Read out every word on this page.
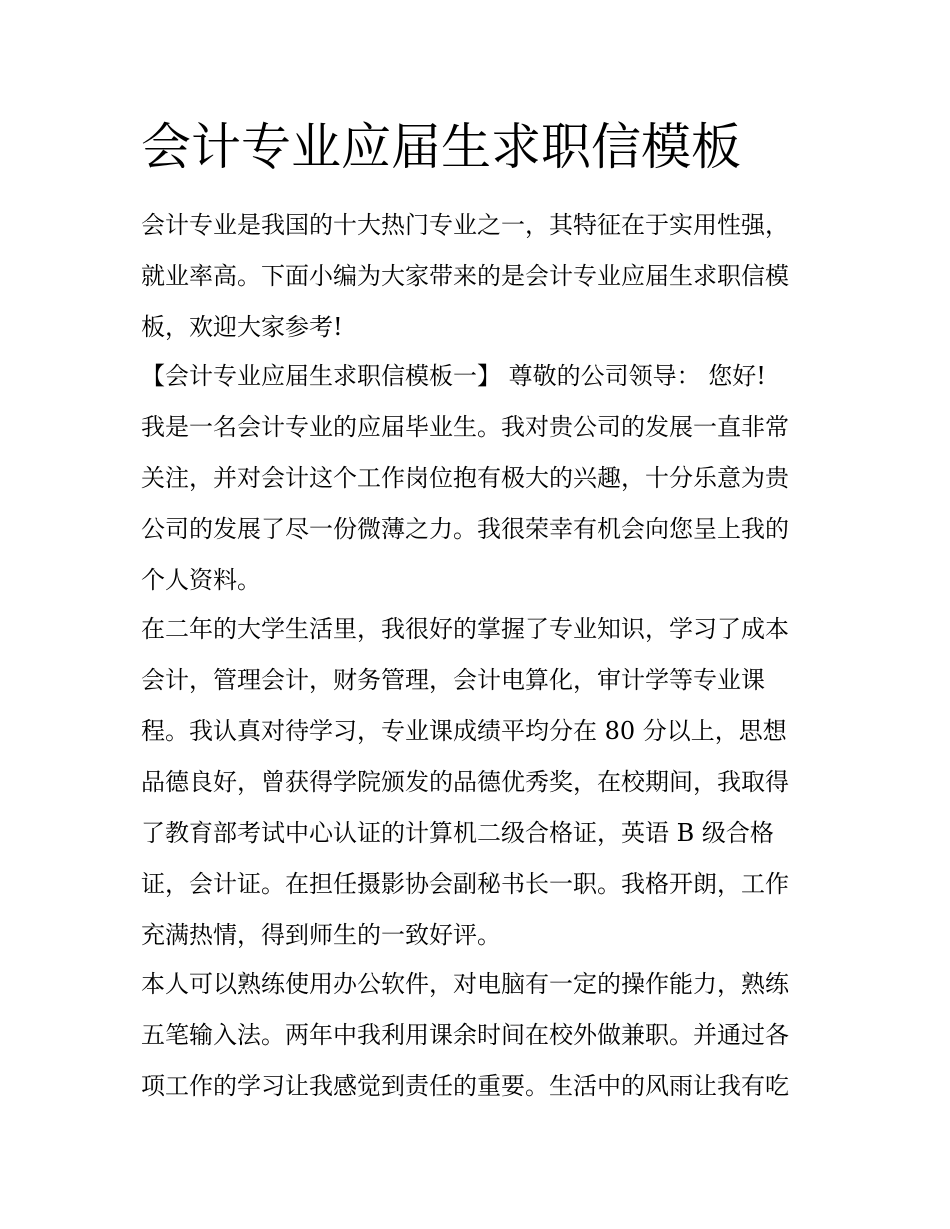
会计专业应届生求职信模板

会计专业是我国的十大热门专业之一，其特征在于实用性强，

就业率高。下面小编为大家带来的是会计专业应届生求职信模

板，欢迎大家参考!

【会计专业应届生求职信模板一】 尊敬的公司领导： 您好!

我是一名会计专业的应届毕业生。我对贵公司的发展一直非常

关注，并对会计这个工作岗位抱有极大的兴趣，十分乐意为贵

公司的发展了尽一份微薄之力。我很荣幸有机会向您呈上我的

个人资料。

在二年的大学生活里，我很好的掌握了专业知识，学习了成本

会计，管理会计，财务管理，会计电算化，审计学等专业课

程。我认真对待学习，专业课成绩平均分在 80 分以上，思想

品德良好，曾获得学院颁发的品德优秀奖，在校期间，我取得

了教育部考试中心认证的计算机二级合格证，英语 B 级合格

证，会计证。在担任摄影协会副秘书长一职。我格开朗，工作

充满热情，得到师生的一致好评。

本人可以熟练使用办公软件，对电脑有一定的操作能力，熟练

五笔输入法。两年中我利用课余时间在校外做兼职。并通过各

项工作的学习让我感觉到责任的重要。生活中的风雨让我有吃
